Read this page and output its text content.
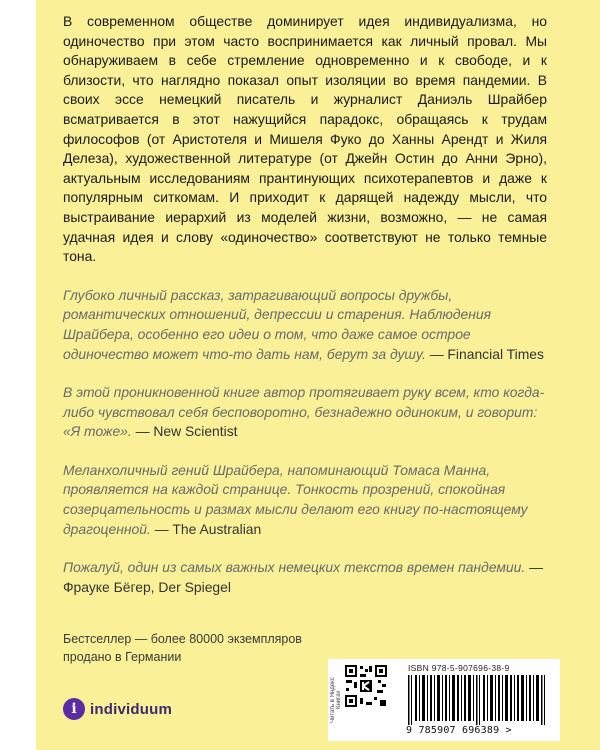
В современном обществе доминирует идея индивидуализма, но одиночество при этом часто воспринимается как личный провал. Мы обнаруживаем в себе стремление одновременно и к свободе, и к близости, что наглядно показал опыт изоляции во время пандемии. В своих эссе немецкий писатель и журналист Даниэль Шрайбер всматривается в этот нажущийся парадокс, обращаясь к трудам философов (от Аристотеля и Мишеля Фуко до Ханны Арендт и Жиля Делеза), художественной литературе (от Джейн Остин до Анни Эрно), актуальным исследованиям прантинующих психотерапевтов и даже к популярным ситкомам. И приходит к дарящей надежду мысли, что выстраивание иерархий из моделей жизни, возможно, — не самая удачная идея и слову «одиночество» соответствуют не только темные тона.

Глубоко личный рассказ, затрагивающий вопросы дружбы, романтических отношений, депрессии и старения. Наблюдения Шрайбера, особенно его идеи о том, что даже самое острое одиночество может что-то дать нам, берут за душу. — Financial Times

В этой проникновенной книге автор протягивает руку всем, кто когда-либо чувствовал себя бесповоротно, безнадежно одиноким, и говорит: «Я тоже». — New Scientist

Меланхоличный гений Шрайбера, напоминающий Томаса Манна, проявляется на каждой странице. Тонкость прозрений, спокойная созерцательность и размах мысли делают его книгу по-настоящему драгоценной. — The Australian

Пожалуй, один из самых важных немецких текстов времен пандемии. — Фрауке Бёгер, Der Spiegel

Бестселлер — более 80000 экземпляров продано в Германии
i individuum	Читать в Яндекс Книгах
ISBN 978-5-907696-38-9
9 785907 696389 >
